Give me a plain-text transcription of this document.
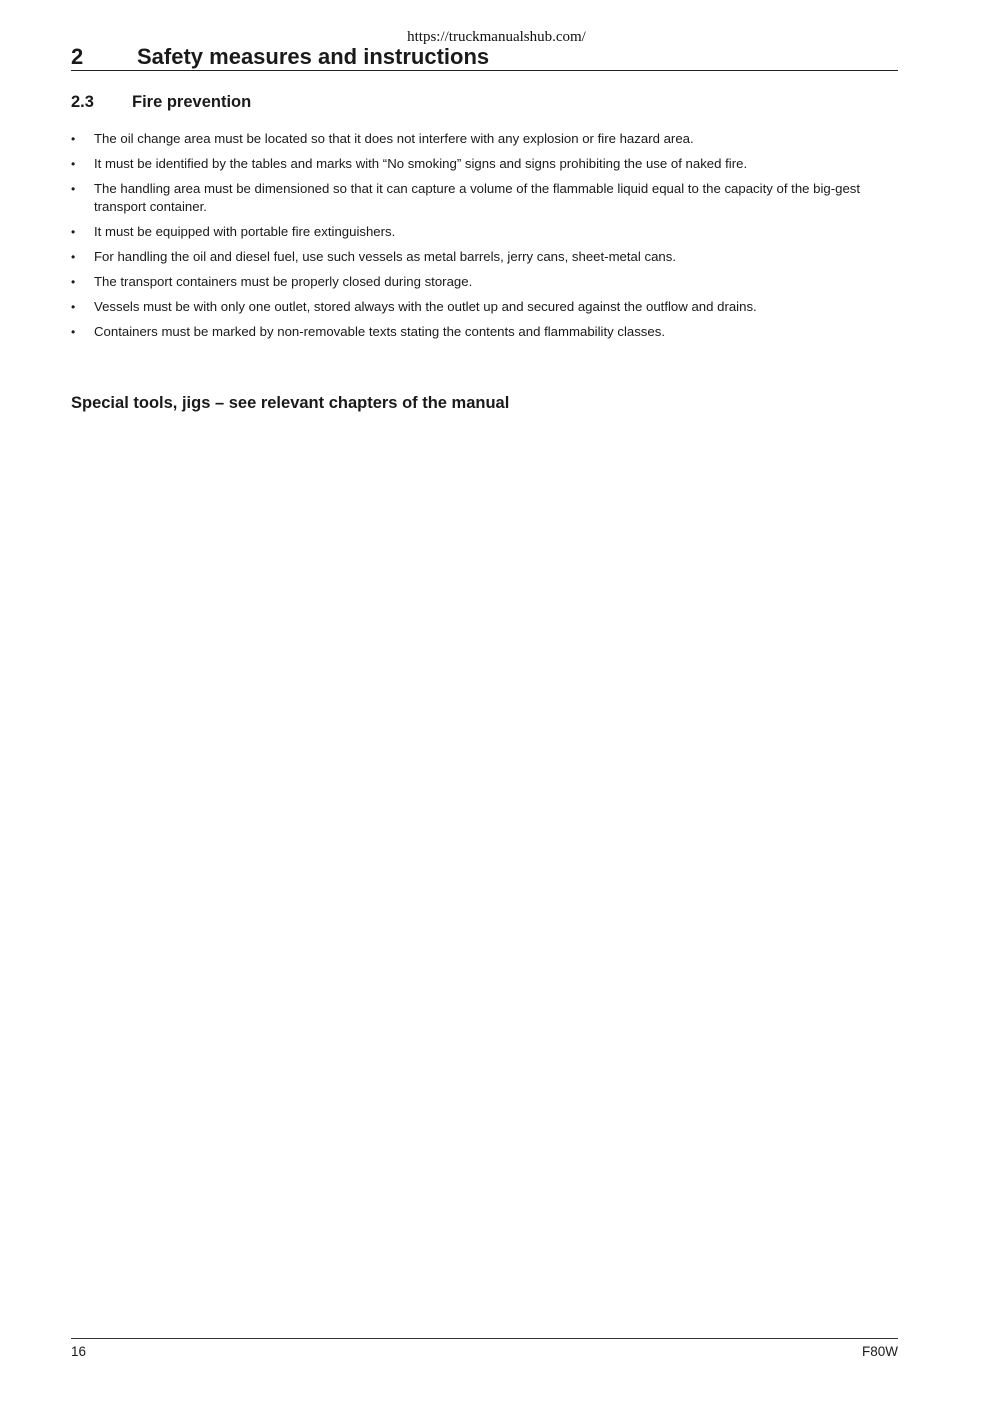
https://truckmanualshub.com/
2 Safety measures and instructions
2.3 Fire prevention
• The oil change area must be located so that it does not interfere with any explosion or fire hazard area.
• It must be identified by the tables and marks with “No smoking” signs and signs prohibiting the use of naked fire.
• The handling area must be dimensioned so that it can capture a volume of the flammable liquid equal to the capacity of the big-gest transport container.
• It must be equipped with portable fire extinguishers.
• For handling the oil and diesel fuel, use such vessels as metal barrels, jerry cans, sheet-metal cans.
• The transport containers must be properly closed during storage.
• Vessels must be with only one outlet, stored always with the outlet up and secured against the outflow and drains.
• Containers must be marked by non-removable texts stating the contents and flammability classes.
Special tools, jigs – see relevant chapters of the manual
16	F80W
